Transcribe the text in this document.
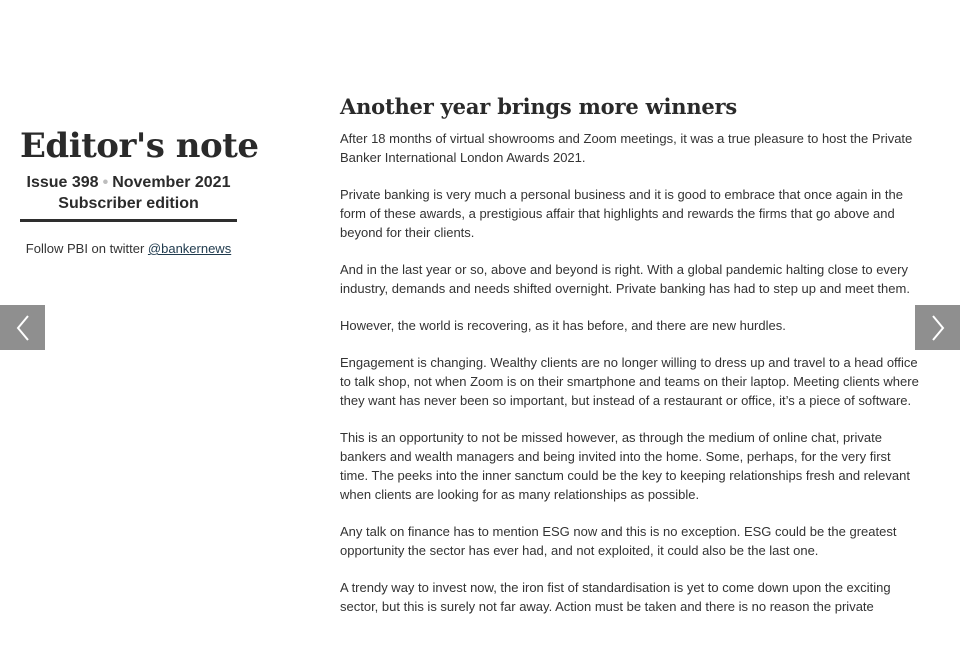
Editor's note
Issue 398 • November 2021
Subscriber edition
Follow PBI on twitter @bankernews
Another year brings more winners

After 18 months of virtual showrooms and Zoom meetings, it was a true pleasure to host the Private Banker International London Awards 2021.

Private banking is very much a personal business and it is good to embrace that once again in the form of these awards, a prestigious affair that highlights and rewards the firms that go above and beyond for their clients.

And in the last year or so, above and beyond is right. With a global pandemic halting close to every industry, demands and needs shifted overnight. Private banking has had to step up and meet them.

However, the world is recovering, as it has before, and there are new hurdles.

Engagement is changing. Wealthy clients are no longer willing to dress up and travel to a head office to talk shop, not when Zoom is on their smartphone and teams on their laptop. Meeting clients where they want has never been so important, but instead of a restaurant or office, it’s a piece of software.

This is an opportunity to not be missed however, as through the medium of online chat, private bankers and wealth managers and being invited into the home. Some, perhaps, for the very first time. The peeks into the inner sanctum could be the key to keeping relationships fresh and relevant when clients are looking for as many relationships as possible.

Any talk on finance has to mention ESG now and this is no exception. ESG could be the greatest opportunity the sector has ever had, and not exploited, it could also be the last one.

A trendy way to invest now, the iron fist of standardisation is yet to come down upon the exciting sector, but this is surely not far away. Action must be taken and there is no reason the private
